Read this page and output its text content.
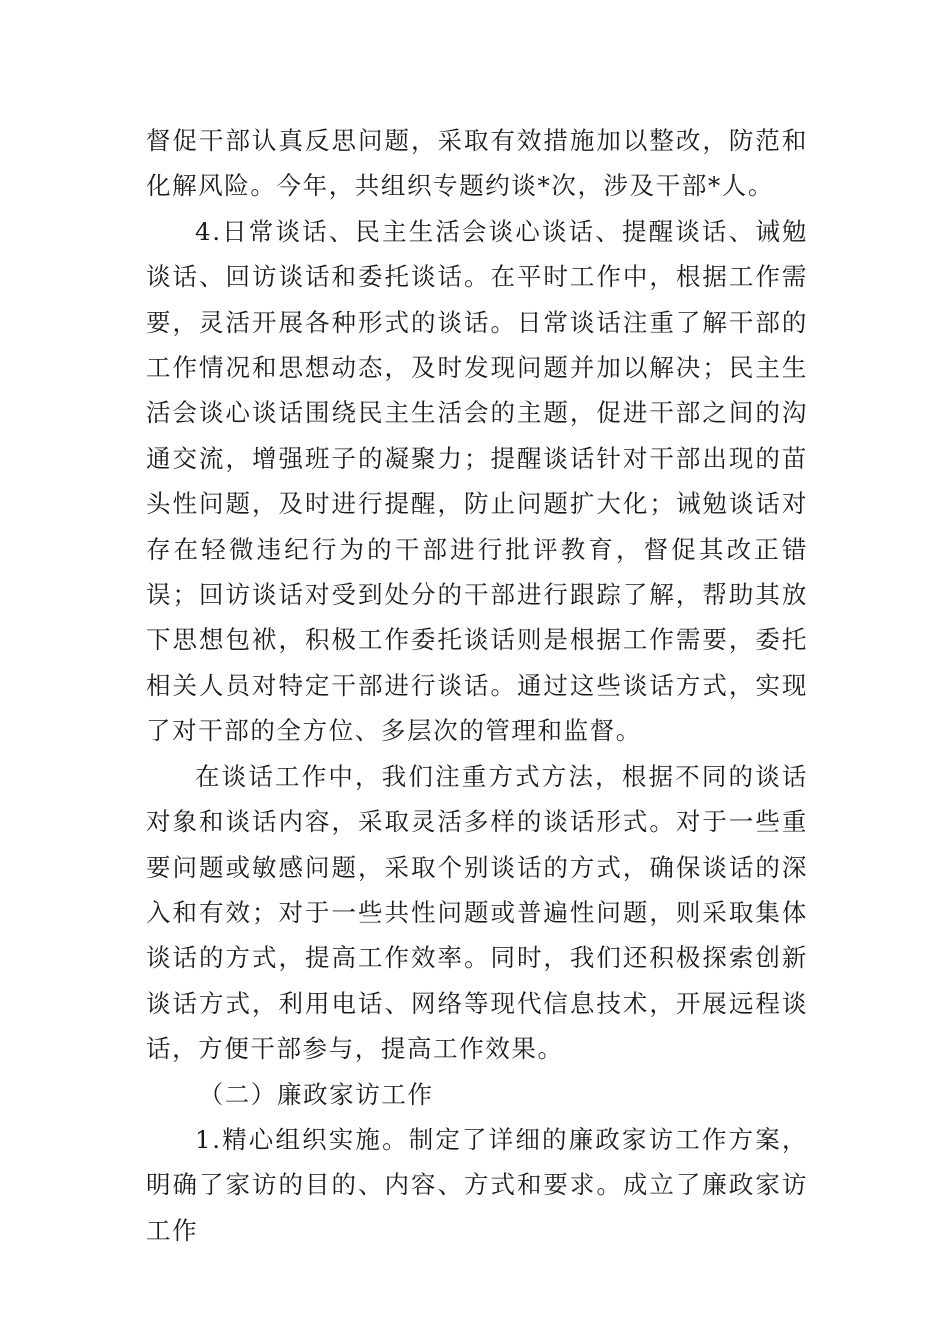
督促干部认真反思问题，采取有效措施加以整改，防范和化解风险。今年，共组织专题约谈*次，涉及干部*人。

4.日常谈话、民主生活会谈心谈话、提醒谈话、诫勉谈话、回访谈话和委托谈话。在平时工作中，根据工作需要，灵活开展各种形式的谈话。日常谈话注重了解干部的工作情况和思想动态，及时发现问题并加以解决；民主生活会谈心谈话围绕民主生活会的主题，促进干部之间的沟通交流，增强班子的凝聚力；提醒谈话针对干部出现的苗头性问题，及时进行提醒，防止问题扩大化；诫勉谈话对存在轻微违纪行为的干部进行批评教育，督促其改正错误；回访谈话对受到处分的干部进行跟踪了解，帮助其放下思想包袱，积极工作委托谈话则是根据工作需要，委托相关人员对特定干部进行谈话。通过这些谈话方式，实现了对干部的全方位、多层次的管理和监督。

在谈话工作中，我们注重方式方法，根据不同的谈话对象和谈话内容，采取灵活多样的谈话形式。对于一些重要问题或敏感问题，采取个别谈话的方式，确保谈话的深入和有效；对于一些共性问题或普遍性问题，则采取集体谈话的方式，提高工作效率。同时，我们还积极探索创新谈话方式，利用电话、网络等现代信息技术，开展远程谈话，方便干部参与，提高工作效果。

（二）廉政家访工作

1.精心组织实施。制定了详细的廉政家访工作方案，明确了家访的目的、内容、方式和要求。成立了廉政家访工作
